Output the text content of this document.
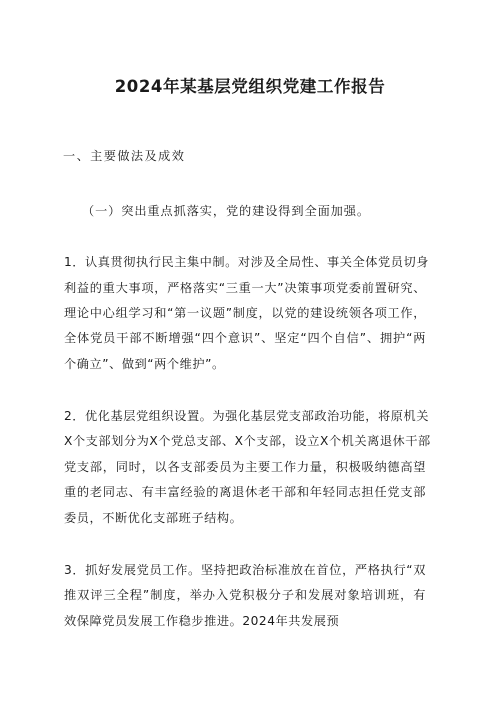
2024年某基层党组织党建工作报告
一、主要做法及成效
（一）突出重点抓落实，党的建设得到全面加强。
1．认真贯彻执行民主集中制。对涉及全局性、事关全体党员切身
利益的重大事项，严格落实“三重一大”决策事项党委前置研究、
理论中心组学习和“第一议题”制度，以党的建设统领各项工作，
全体党员干部不断增强“四个意识”、坚定“四个自信”、拥护“两
个确立”、做到“两个维护”。
2．优化基层党组织设置。为强化基层党支部政治功能，将原机关
X个支部划分为X个党总支部、X个支部，设立X个机关离退休干部
党支部，同时，以各支部委员为主要工作力量，积极吸纳德高望
重的老同志、有丰富经验的离退休老干部和年轻同志担任党支部
委员，不断优化支部班子结构。
3．抓好发展党员工作。坚持把政治标准放在首位，严格执行“双
推双评三全程”制度，举办入党积极分子和发展对象培训班，有
效保障党员发展工作稳步推进。2024年共发展预
